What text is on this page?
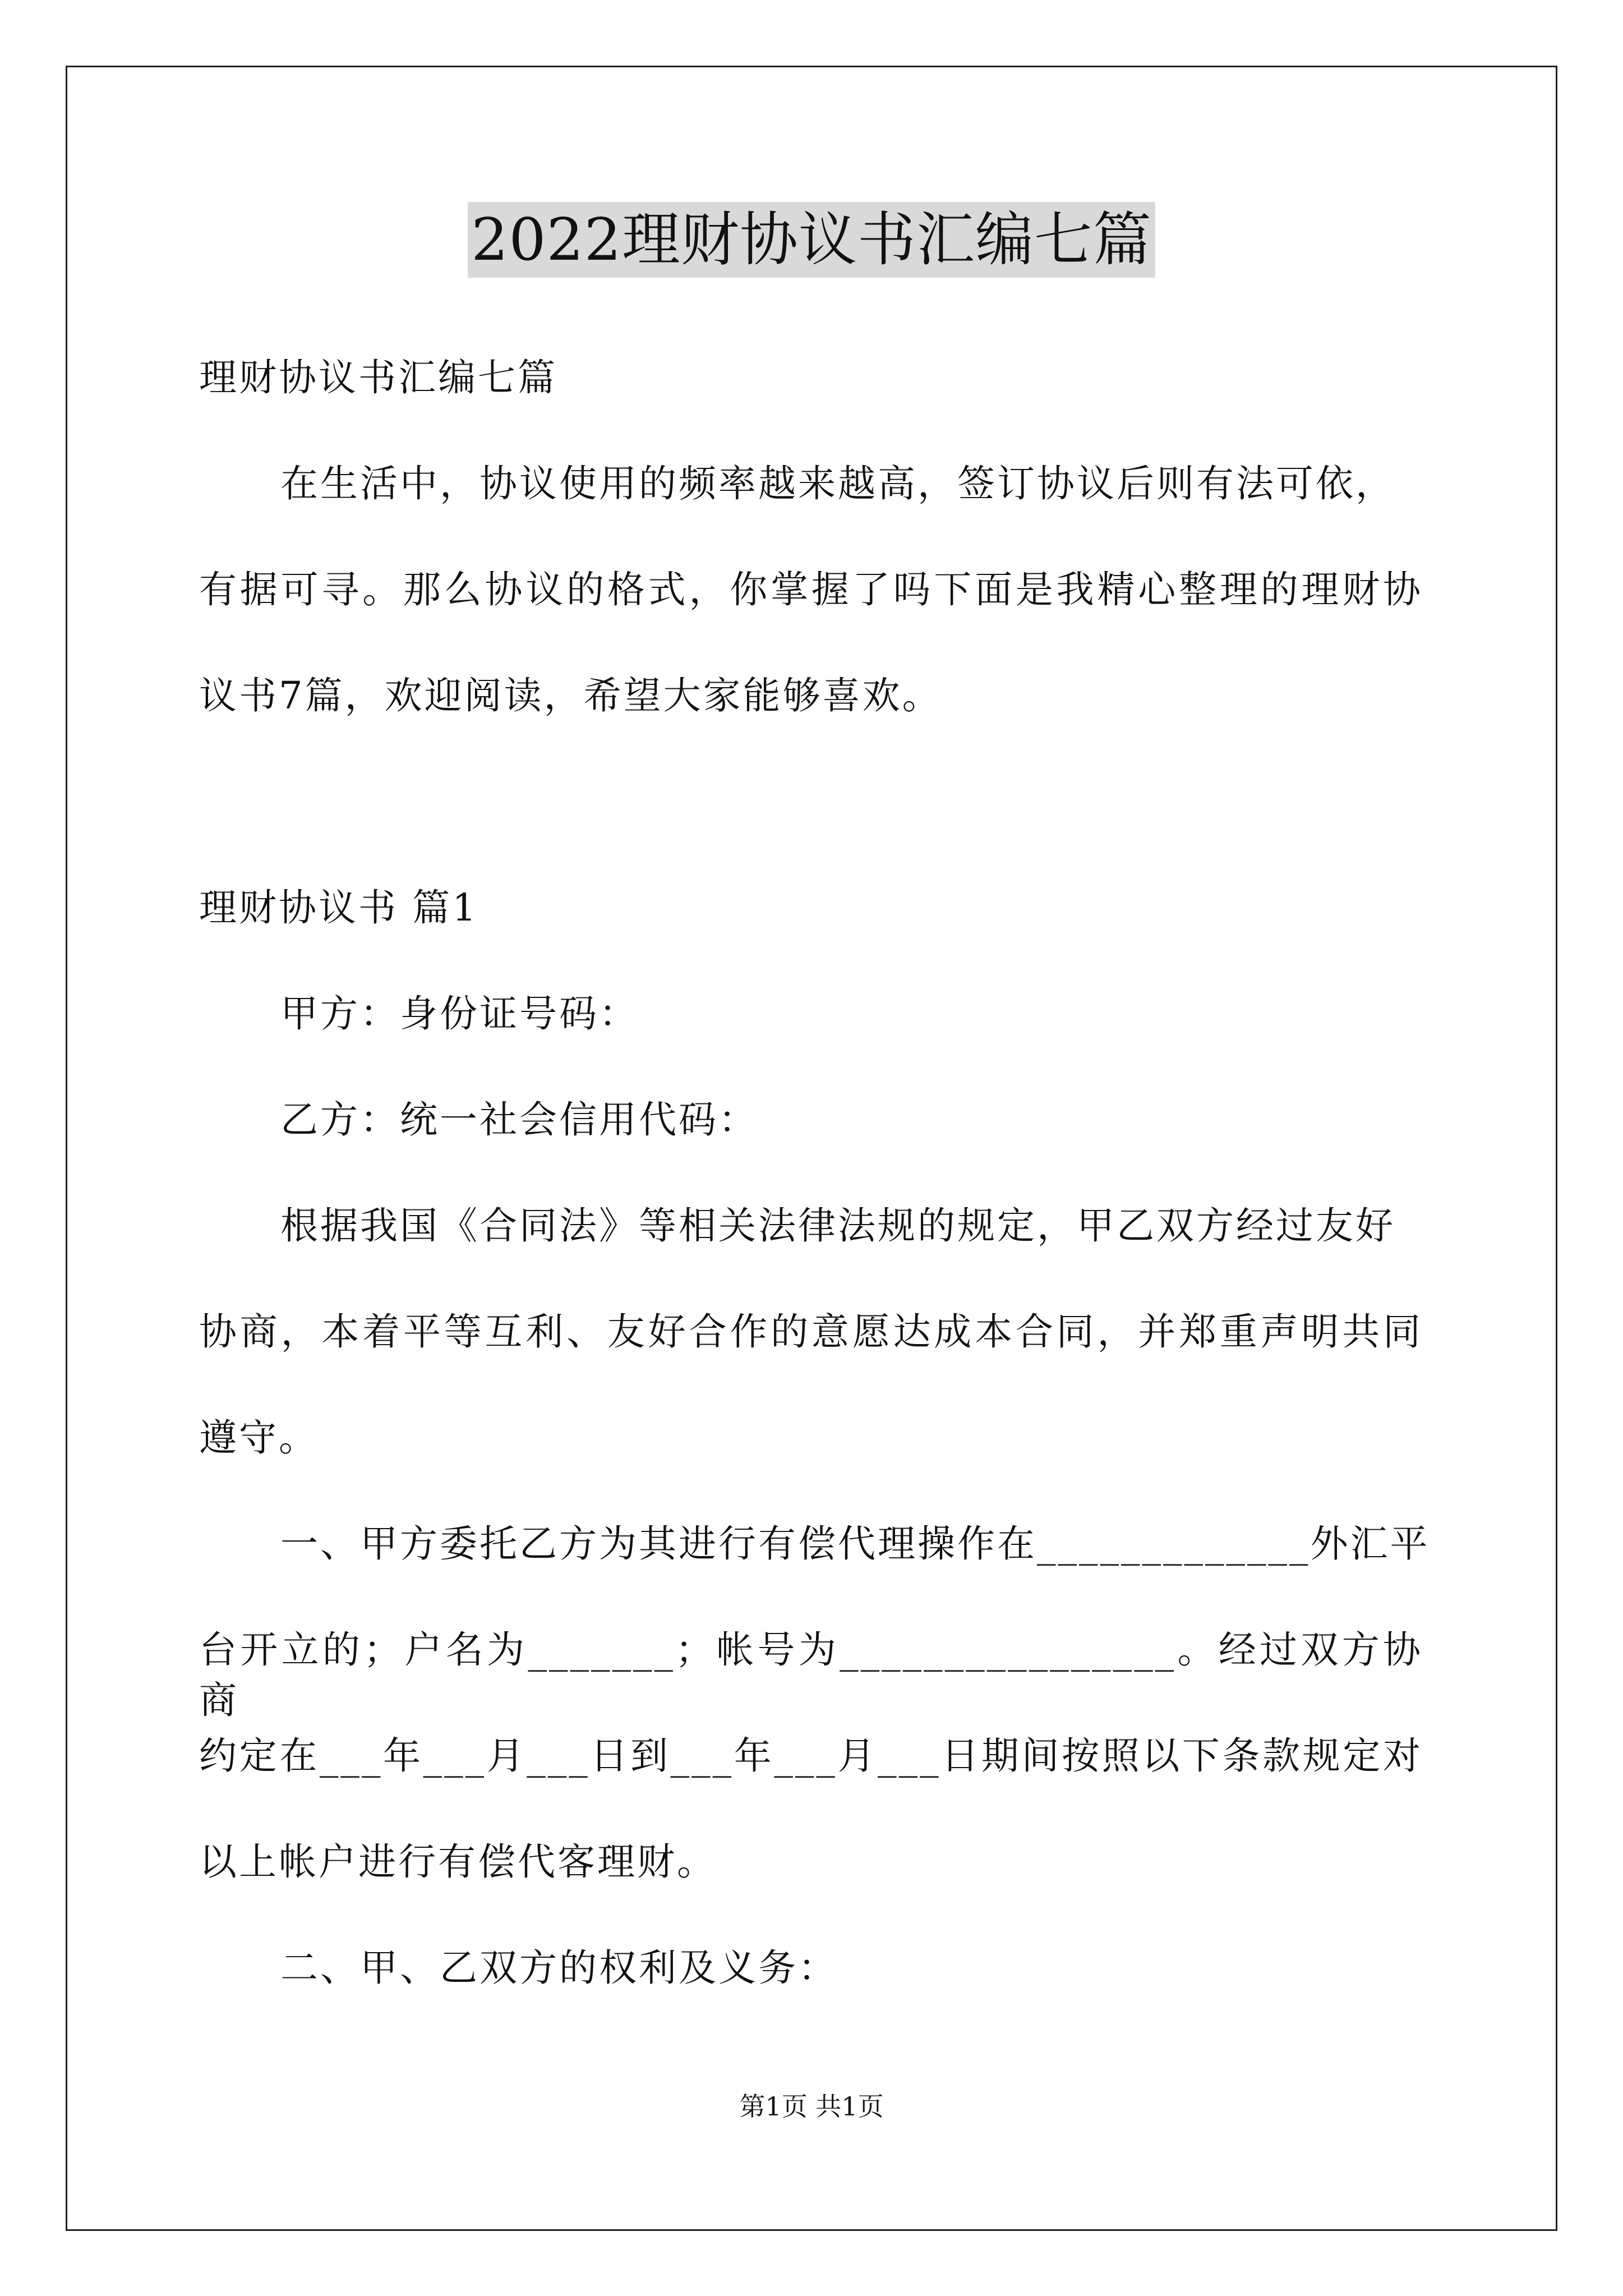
2022理财协议书汇编七篇
理财协议书汇编七篇
在生活中，协议使用的频率越来越高，签订协议后则有法可依，
有据可寻。那么协议的格式，你掌握了吗下面是我精心整理的理财协
议书7篇，欢迎阅读，希望大家能够喜欢。
理财协议书 篇1
甲方：身份证号码：
乙方：统一社会信用代码：
根据我国《合同法》等相关法律法规的规定，甲乙双方经过友好
协商，本着平等互利、友好合作的意愿达成本合同，并郑重声明共同
遵守。
一、甲方委托乙方为其进行有偿代理操作在_____________外汇平
台开立的；户名为_______；帐号为________________。经过双方协商
约定在___年___月___日到___年___月___日期间按照以下条款规定对
以上帐户进行有偿代客理财。
二、甲、乙双方的权利及义务：
第1页 共1页
